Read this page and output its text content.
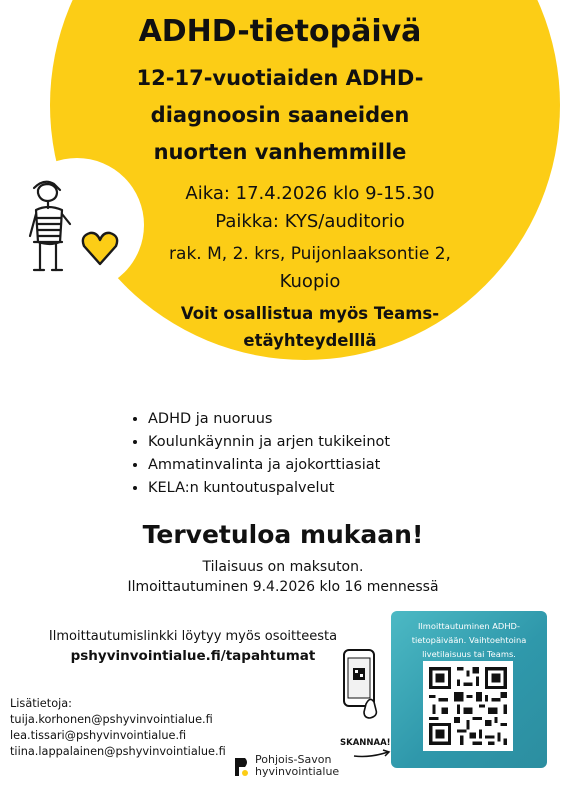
ADHD-tietopäivä
12-17-vuotiaiden ADHD-
diagnoosin saaneiden
nuorten vanhemmille
Aika: 17.4.2026 klo 9-15.30
Paikka: KYS/auditorio
rak. M, 2. krs, Puijonlaaksontie 2,
Kuopio
Voit osallistua myös Teams-
etäyhteydelllä
• ADHD ja nuoruus
• Koulunkäynnin ja arjen tukikeinot
• Ammatinvalinta ja ajokorttiasiat
• KELA:n kuntoutuspalvelut
Tervetuloa mukaan!
Tilaisuus on maksuton.
Ilmoittautuminen 9.4.2026 klo 16 mennessä
Ilmoittautumislinkki löytyy myös osoitteesta
pshyvinvointialue.fi/tapahtumat
Lisätietoja:
tuija.korhonen@pshyvinvointialue.fi
lea.tissari@pshyvinvointialue.fi
tiina.lappalainen@pshyvinvointialue.fi
SKANNAA!
Ilmoittautuminen ADHD-tietopäivään. Vaihtoehtoina livetilaisuus tai Teams.
Pohjois-Savon
hyvinvointialue
